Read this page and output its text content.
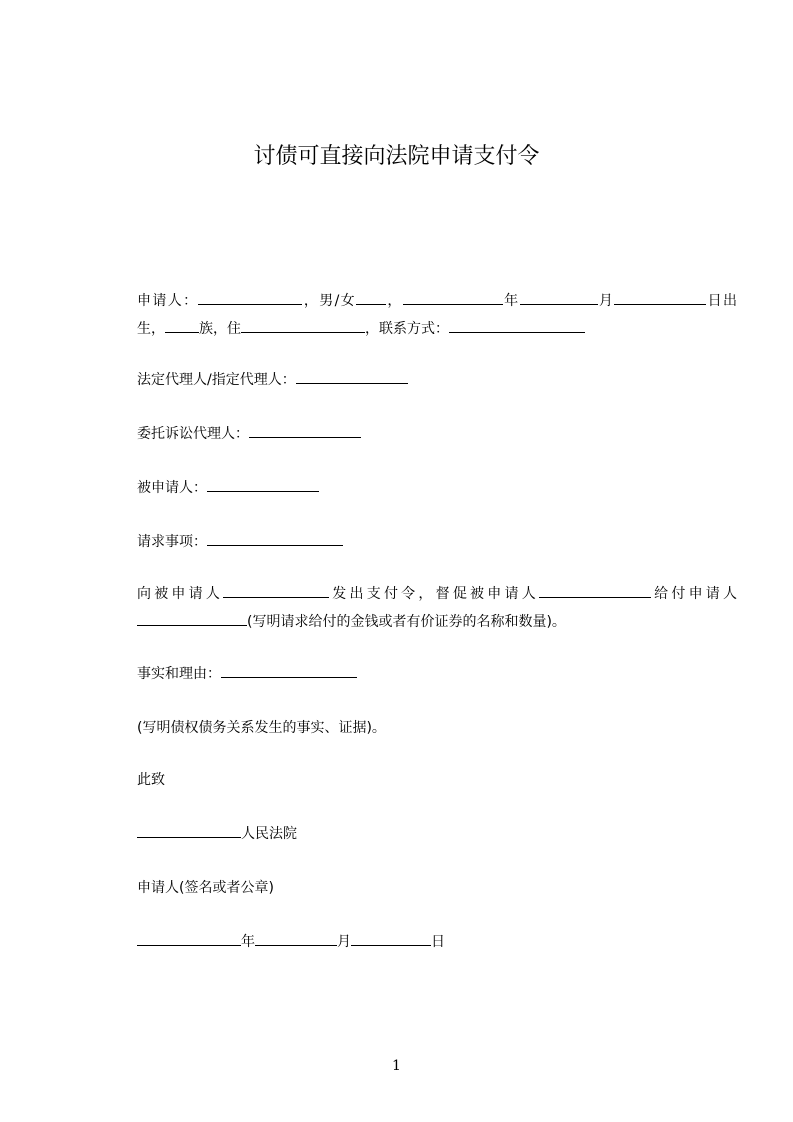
讨债可直接向法院申请支付令

申请人：	，男/女 ，	年	月	日出生， 族，住	，联系方式：

法定代理人/指定代理人：

委托诉讼代理人：

被申请人：

请求事项：

向被申请人	发出支付令，督促被申请人	给付申请人(写明请求给付的金钱或者有价证券的名称和数量)。

事实和理由：

(写明债权债务关系发生的事实、证据)。

此致

人民法院

申请人(签名或者公章)

年	月	日

1
